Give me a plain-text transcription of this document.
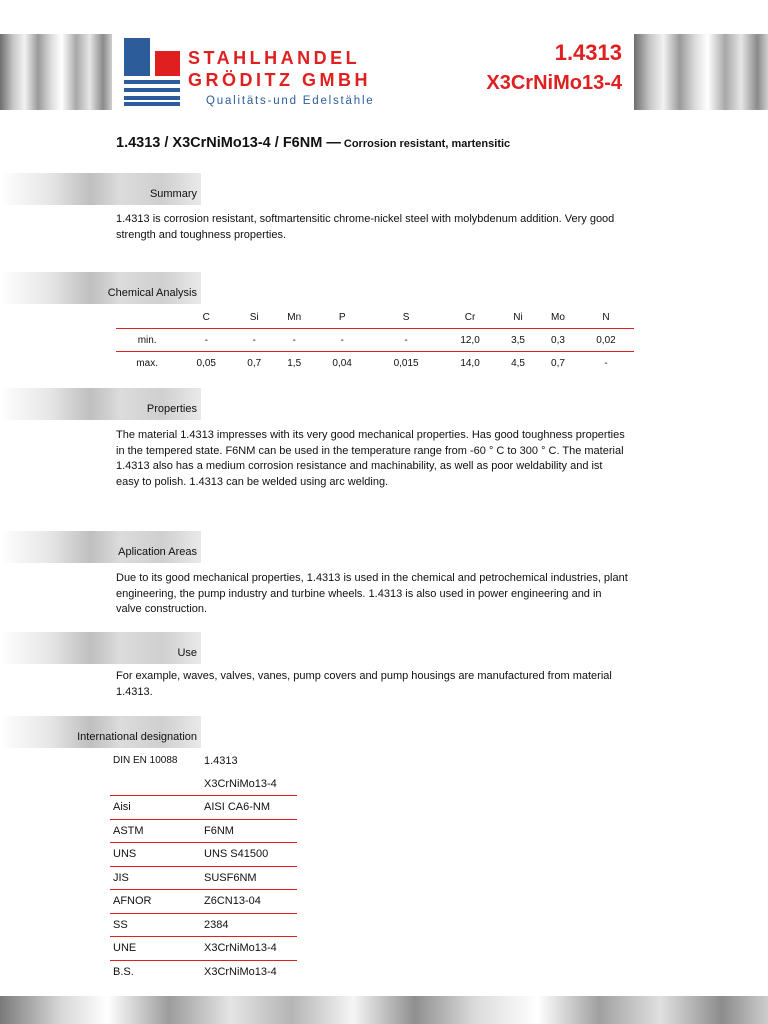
STAHLHANDEL
GRÖDITZ GMBH
Qualitäts-und Edelstähle
1.4313
X3CrNiMo13-4
1.4313 / X3CrNiMo13-4 / F6NM — Corrosion resistant, martensitic
Summary
1.4313 is corrosion resistant, softmartensitic chrome-nickel steel with molybdenum addition. Very good strength and toughness properties.
Chemical Analysis
	C	Si	Mn	P	S	Cr	Ni	Mo	N
min.	-	-	-	-	-	12,0	3,5	0,3	0,02
max.	0,05	0,7	1,5	0,04	0,015	14,0	4,5	0,7	-
Properties
The material 1.4313 impresses with its very good mechanical properties. Has good toughness properties in the tempered state. F6NM can be used in the temperature range from -60 ° C to 300 ° C. The material 1.4313 also has a medium corrosion resistance and machinability, as well as poor weldability and ist easy to polish. 1.4313 can be welded using arc welding.
Aplication Areas
Due to its good mechanical properties, 1.4313 is used in the chemical and petrochemical industries, plant engineering, the pump industry and turbine wheels. 1.4313 is also used in power engineering and in valve construction.
Use
For example, waves, valves, vanes, pump covers and pump housings are manufactured from material 1.4313.
International designation
DIN EN 10088	1.4313
	X3CrNiMo13-4
Aisi	AISI CA6-NM
ASTM	F6NM
UNS	UNS S41500
JIS	SUSF6NM
AFNOR	Z6CN13-04
SS	2384
UNE	X3CrNiMo13-4
B.S.	X3CrNiMo13-4
